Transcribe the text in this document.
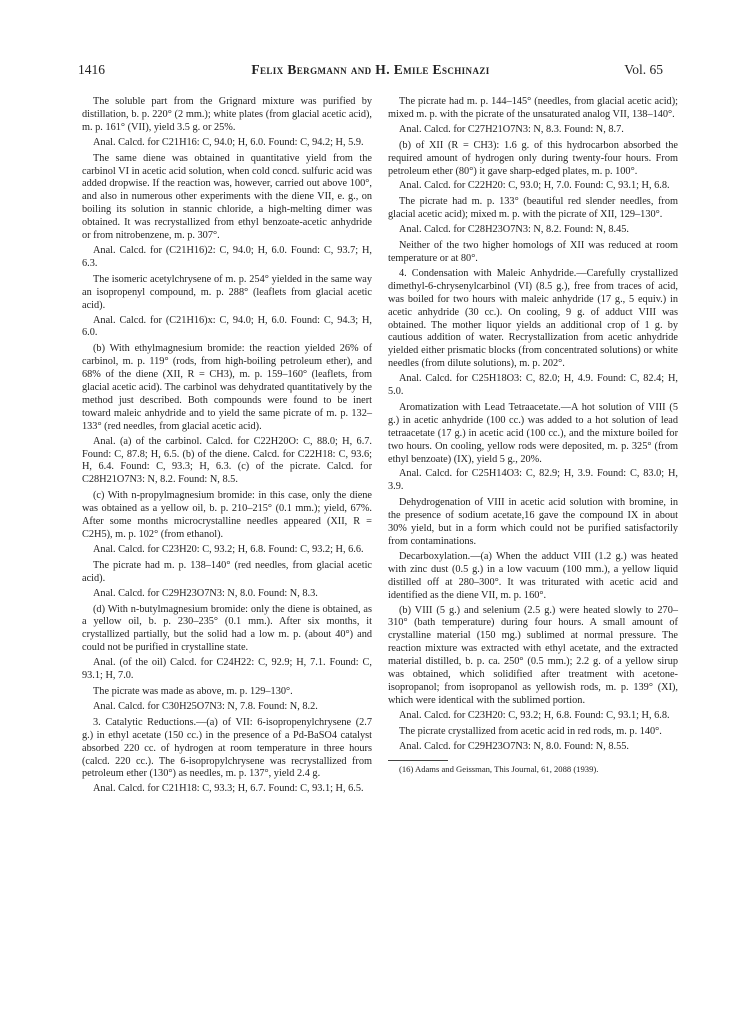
1416	Felix Bergmann and H. Emile Eschinazi	Vol. 65

The soluble part from the Grignard mixture was purified by distillation, b. p. 220° (2 mm.); white plates (from glacial acetic acid), m. p. 161° (VII), yield 3.5 g. or 25%.

Anal. Calcd. for C21H16: C, 94.0; H, 6.0. Found: C, 94.2; H, 5.9.

The same diene was obtained in quantitative yield from the carbinol VI in acetic acid solution, when cold concd. sulfuric acid was added dropwise. If the reaction was, however, carried out above 100°, and also in numerous other experiments with the diene VII, e. g., on boiling its solution in stannic chloride, a high-melting dimer was obtained. It was recrystallized from ethyl benzoate-acetic anhydride or from nitrobenzene, m. p. 307°.

Anal. Calcd. for (C21H16)2: C, 94.0; H, 6.0. Found: C, 93.7; H, 6.3.

The isomeric acetylchrysene of m. p. 254° yielded in the same way an isopropenyl compound, m. p. 288° (leaflets from glacial acetic acid).

Anal. Calcd. for (C21H16)x: C, 94.0; H, 6.0. Found: C, 94.3; H, 6.0.

(b) With ethylmagnesium bromide: the reaction yielded 26% of carbinol, m. p. 119° (rods, from high-boiling petroleum ether), and 68% of the diene (XII, R = CH3), m. p. 159–160° (leaflets, from glacial acetic acid). The carbinol was dehydrated quantitatively by the method just described. Both compounds were found to be inert toward maleic anhydride and to yield the same picrate of m. p. 132–133° (red needles, from glacial acetic acid).

Anal. (a) of the carbinol. Calcd. for C22H20O: C, 88.0; H, 6.7. Found: C, 87.8; H, 6.5. (b) of the diene. Calcd. for C22H18: C, 93.6; H, 6.4. Found: C, 93.3; H, 6.3. (c) of the picrate. Calcd. for C28H21O7N3: N, 8.2. Found: N, 8.5.

(c) With n-propylmagnesium bromide: in this case, only the diene was obtained as a yellow oil, b. p. 210–215° (0.1 mm.); yield, 67%. After some months microcrystalline needles appeared (XII, R = C2H5), m. p. 102° (from ethanol).

Anal. Calcd. for C23H20: C, 93.2; H, 6.8. Found: C, 93.2; H, 6.6.

The picrate had m. p. 138–140° (red needles, from glacial acetic acid).

Anal. Calcd. for C29H23O7N3: N, 8.0. Found: N, 8.3.

(d) With n-butylmagnesium bromide: only the diene is obtained, as a yellow oil, b. p. 230–235° (0.1 mm.). After six months, it crystallized partially, but the solid had a low m. p. (about 40°) and could not be purified in crystalline state.

Anal. (of the oil) Calcd. for C24H22: C, 92.9; H, 7.1. Found: C, 93.1; H, 7.0.

The picrate was made as above, m. p. 129–130°.

Anal. Calcd. for C30H25O7N3: N, 7.8. Found: N, 8.2.

3. Catalytic Reductions.—(a) of VII: 6-isopropenylchrysene (2.7 g.) in ethyl acetate (150 cc.) in the presence of a Pd-BaSO4 catalyst absorbed 220 cc. of hydrogen at room temperature in three hours (calcd. 220 cc.). The 6-isopropylchrysene was recrystallized from petroleum ether (130°) as needles, m. p. 137°, yield 2.4 g.

Anal. Calcd. for C21H18: C, 93.3; H, 6.7. Found: C, 93.1; H, 6.5.

The picrate had m. p. 144–145° (needles, from glacial acetic acid); mixed m. p. with the picrate of the unsaturated analog VII, 138–140°.

Anal. Calcd. for C27H21O7N3: N, 8.3. Found: N, 8.7.

(b) of XII (R = CH3): 1.6 g. of this hydrocarbon absorbed the required amount of hydrogen only during twenty-four hours. From petroleum ether (80°) it gave sharp-edged plates, m. p. 100°.

Anal. Calcd. for C22H20: C, 93.0; H, 7.0. Found: C, 93.1; H, 6.8.

The picrate had m. p. 133° (beautiful red slender needles, from glacial acetic acid); mixed m. p. with the picrate of XII, 129–130°.

Anal. Calcd. for C28H23O7N3: N, 8.2. Found: N, 8.45.

Neither of the two higher homologs of XII was reduced at room temperature or at 80°.

4. Condensation with Maleic Anhydride.—Carefully crystallized dimethyl-6-chrysenylcarbinol (VI) (8.5 g.), free from traces of acid, was boiled for two hours with maleic anhydride (17 g., 5 equiv.) in acetic anhydride (30 cc.). On cooling, 9 g. of adduct VIII was obtained. The mother liquor yields an additional crop of 1 g. by cautious addition of water. Recrystallization from acetic anhydride yielded either prismatic blocks (from concentrated solutions) or white needles (from dilute solutions), m. p. 202°.

Anal. Calcd. for C25H18O3: C, 82.0; H, 4.9. Found: C, 82.4; H, 5.0.

Aromatization with Lead Tetraacetate.—A hot solution of VIII (5 g.) in acetic anhydride (100 cc.) was added to a hot solution of lead tetraacetate (17 g.) in acetic acid (100 cc.), and the mixture boiled for two hours. On cooling, yellow rods were deposited, m. p. 325° (from ethyl benzoate) (IX), yield 5 g., 20%.

Anal. Calcd. for C25H14O3: C, 82.9; H, 3.9. Found: C, 83.0; H, 3.9.

Dehydrogenation of VIII in acetic acid solution with bromine, in the presence of sodium acetate,16 gave the compound IX in about 30% yield, but in a form which could not be purified satisfactorily from contaminations.

Decarboxylation.—(a) When the adduct VIII (1.2 g.) was heated with zinc dust (0.5 g.) in a low vacuum (100 mm.), a yellow liquid distilled off at 280–300°. It was triturated with acetic acid and identified as the diene VII, m. p. 160°.

(b) VIII (5 g.) and selenium (2.5 g.) were heated slowly to 270–310° (bath temperature) during four hours. A small amount of crystalline material (150 mg.) sublimed at normal pressure. The reaction mixture was extracted with ethyl acetate, and the extracted material distilled, b. p. ca. 250° (0.5 mm.); 2.2 g. of a yellow sirup was obtained, which solidified after treatment with acetone-isopropanol; from isopropanol as yellowish rods, m. p. 139° (XI), which were identical with the sublimed portion.

Anal. Calcd. for C23H20: C, 93.2; H, 6.8. Found: C, 93.1; H, 6.8.

The picrate crystallized from acetic acid in red rods, m. p. 140°.

Anal. Calcd. for C29H23O7N3: N, 8.0. Found: N, 8.55.

(16) Adams and Geissman, This Journal, 61, 2088 (1939).
